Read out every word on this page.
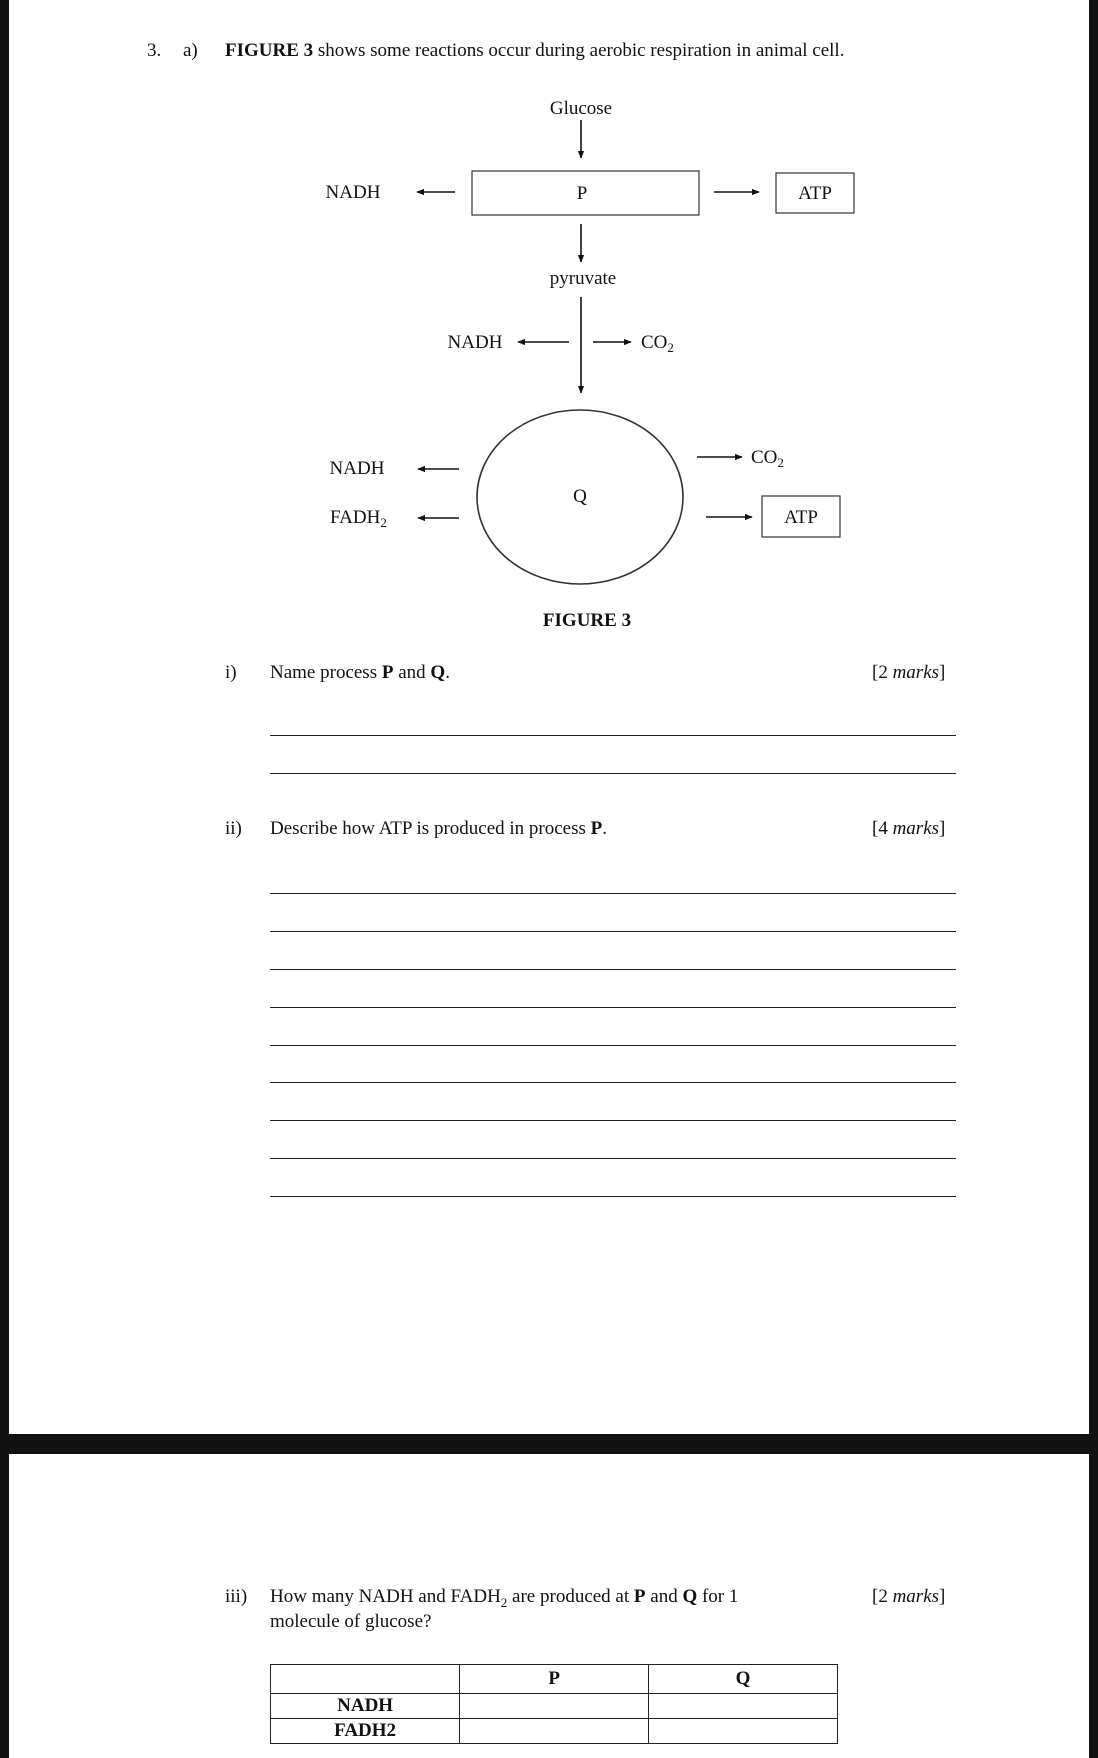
3. a) FIGURE 3 shows some reactions occur during aerobic respiration in animal cell.
Glucose
P
NADH	ATP
pyruvate
NADH	$CO_2$
Q
NADH
$FADH_2$
$CO_2$
ATP
FIGURE 3
i) Name process P and Q.	[2 marks]
ii) Describe how ATP is produced in process P.	[4 marks]
iii) How many NADH and $FADH_2$ are produced at P and Q for 1
molecule of glucose?
[2 marks]
	P	Q
NADH		
FADH2		
